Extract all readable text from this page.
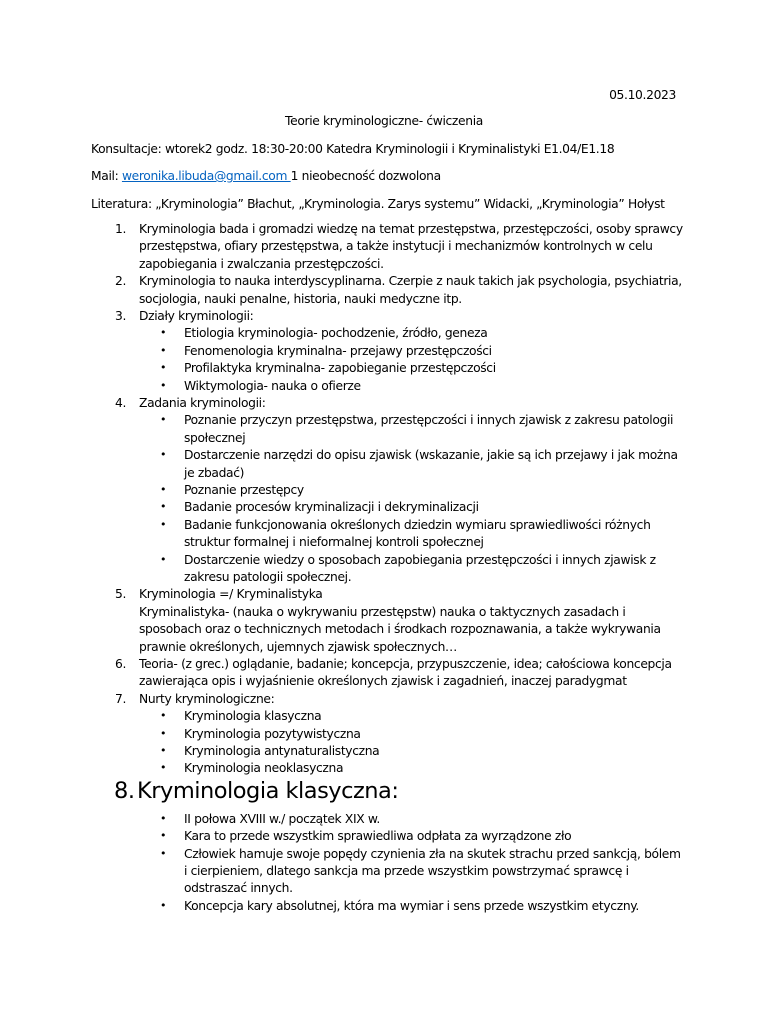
05.10.2023
Teorie kryminologiczne- ćwiczenia
Konsultacje: wtorek2 godz. 18:30-20:00 Katedra Kryminologii i Kryminalistyki E1.04/E1.18
Mail: weronika.libuda@gmail.com 1 nieobecność dozwolona
Literatura: „Kryminologia” Błachut, „Kryminologia. Zarys systemu” Widacki, „Kryminologia” Hołyst
1. Kryminologia bada i gromadzi wiedzę na temat przestępstwa, przestępczości, osoby sprawcy
przestępstwa, ofiary przestępstwa, a także instytucji i mechanizmów kontrolnych w celu
zapobiegania i zwalczania przestępczości.
2. Kryminologia to nauka interdyscyplinarna. Czerpie z nauk takich jak psychologia, psychiatria,
socjologia, nauki penalne, historia, nauki medyczne itp.
3. Działy kryminologii:
• Etiologia kryminologia- pochodzenie, źródło, geneza
• Fenomenologia kryminalna- przejawy przestępczości
• Profilaktyka kryminalna- zapobieganie przestępczości
• Wiktymologia- nauka o ofierze
4. Zadania kryminologii:
• Poznanie przyczyn przestępstwa, przestępczości i innych zjawisk z zakresu patologii
społecznej
• Dostarczenie narzędzi do opisu zjawisk (wskazanie, jakie są ich przejawy i jak można
je zbadać)
• Poznanie przestępcy
• Badanie procesów kryminalizacji i dekryminalizacji
• Badanie funkcjonowania określonych dziedzin wymiaru sprawiedliwości różnych
struktur formalnej i nieformalnej kontroli społecznej
• Dostarczenie wiedzy o sposobach zapobiegania przestępczości i innych zjawisk z
zakresu patologii społecznej.
5. Kryminologia =/ Kryminalistyka
Kryminalistyka- (nauka o wykrywaniu przestępstw) nauka o taktycznych zasadach i
sposobach oraz o technicznych metodach i środkach rozpoznawania, a także wykrywania
prawnie określonych, ujemnych zjawisk społecznych…
6. Teoria- (z grec.) oglądanie, badanie; koncepcja, przypuszczenie, idea; całościowa koncepcja
zawierająca opis i wyjaśnienie określonych zjawisk i zagadnień, inaczej paradygmat
7. Nurty kryminologiczne:
• Kryminologia klasyczna
• Kryminologia pozytywistyczna
• Kryminologia antynaturalistyczna
• Kryminologia neoklasyczna
8. Kryminologia klasyczna:
• II połowa XVIII w./ początek XIX w.
• Kara to przede wszystkim sprawiedliwa odpłata za wyrządzone zło
• Człowiek hamuje swoje popędy czynienia zła na skutek strachu przed sankcją, bólem
i cierpieniem, dlatego sankcja ma przede wszystkim powstrzymać sprawcę i
odstraszać innych.
• Koncepcja kary absolutnej, która ma wymiar i sens przede wszystkim etyczny.
